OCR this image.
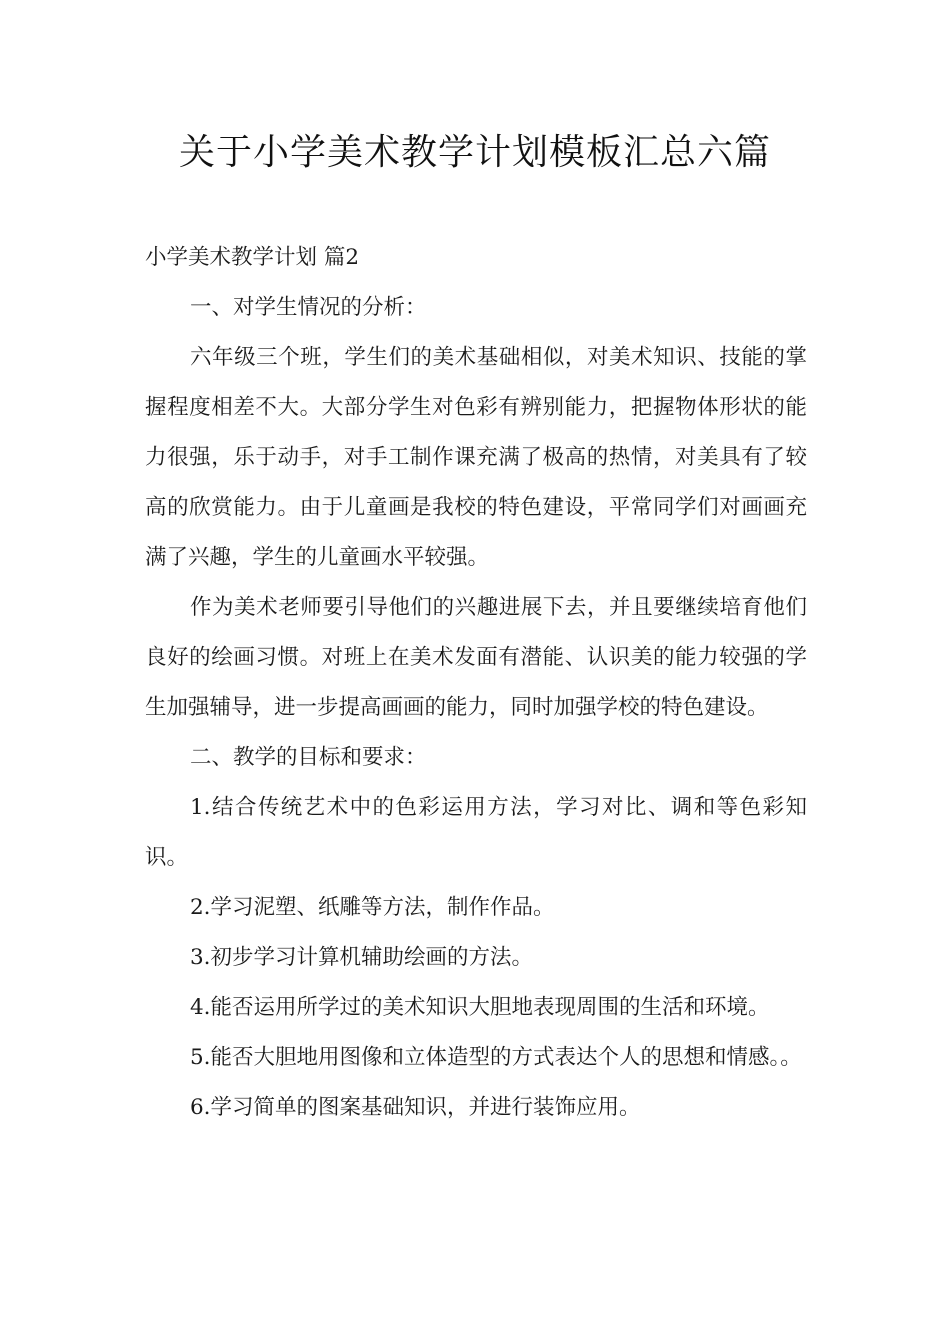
关于小学美术教学计划模板汇总六篇

小学美术教学计划 篇2

一、对学生情况的分析：

六年级三个班，学生们的美术基础相似，对美术知识、技能的掌握程度相差不大。大部分学生对色彩有辨别能力，把握物体形状的能力很强，乐于动手，对手工制作课充满了极高的热情，对美具有了较高的欣赏能力。由于儿童画是我校的特色建设，平常同学们对画画充满了兴趣，学生的儿童画水平较强。

作为美术老师要引导他们的兴趣进展下去，并且要继续培育他们良好的绘画习惯。对班上在美术发面有潜能、认识美的能力较强的学生加强辅导，进一步提高画画的能力，同时加强学校的特色建设。

二、教学的目标和要求：

1.结合传统艺术中的色彩运用方法，学习对比、调和等色彩知识。

2.学习泥塑、纸雕等方法，制作作品。

3.初步学习计算机辅助绘画的方法。

4.能否运用所学过的美术知识大胆地表现周围的生活和环境。

5.能否大胆地用图像和立体造型的方式表达个人的思想和情感。。

6.学习简单的图案基础知识，并进行装饰应用。
